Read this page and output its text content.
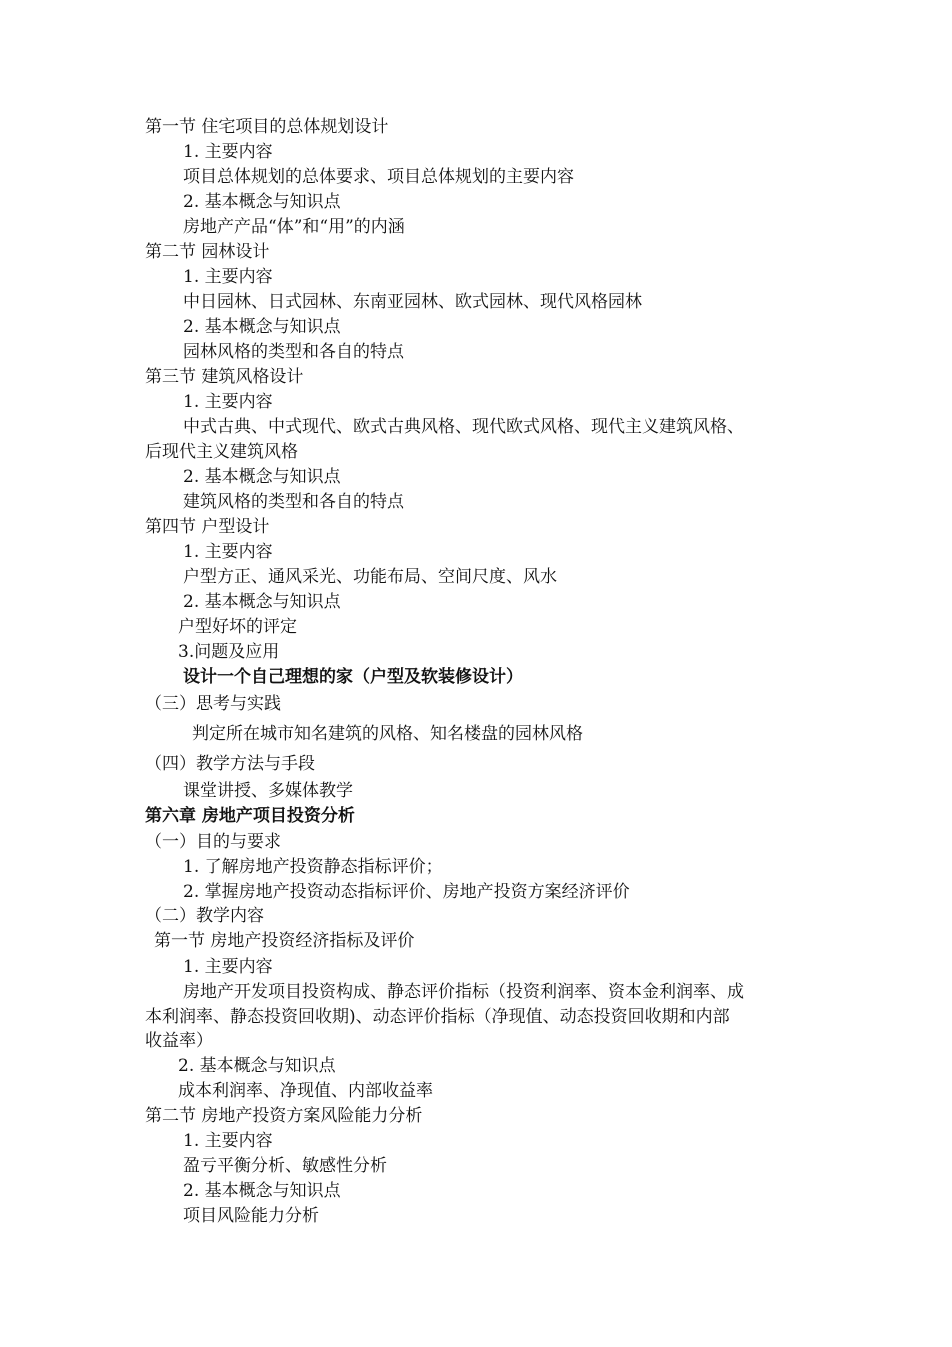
第一节 住宅项目的总体规划设计
1. 主要内容
项目总体规划的总体要求、项目总体规划的主要内容
2. 基本概念与知识点
房地产产品“体”和“用”的内涵
第二节 园林设计
1. 主要内容
中日园林、日式园林、东南亚园林、欧式园林、现代风格园林
2. 基本概念与知识点
园林风格的类型和各自的特点
第三节 建筑风格设计
1. 主要内容
中式古典、中式现代、欧式古典风格、现代欧式风格、现代主义建筑风格、
后现代主义建筑风格
2. 基本概念与知识点
建筑风格的类型和各自的特点
第四节 户型设计
1. 主要内容
户型方正、通风采光、功能布局、空间尺度、风水
2. 基本概念与知识点
户型好坏的评定
3.问题及应用
设计一个自己理想的家（户型及软装修设计）
（三）思考与实践
判定所在城市知名建筑的风格、知名楼盘的园林风格
（四）教学方法与手段
课堂讲授、多媒体教学
第六章 房地产项目投资分析
（一）目的与要求
1. 了解房地产投资静态指标评价；
2. 掌握房地产投资动态指标评价、房地产投资方案经济评价
（二）教学内容
第一节 房地产投资经济指标及评价
1. 主要内容
房地产开发项目投资构成、静态评价指标（投资利润率、资本金利润率、成
本利润率、静态投资回收期)、动态评价指标（净现值、动态投资回收期和内部
收益率）
2. 基本概念与知识点
成本利润率、净现值、内部收益率
第二节 房地产投资方案风险能力分析
1. 主要内容
盈亏平衡分析、敏感性分析
2. 基本概念与知识点
项目风险能力分析
